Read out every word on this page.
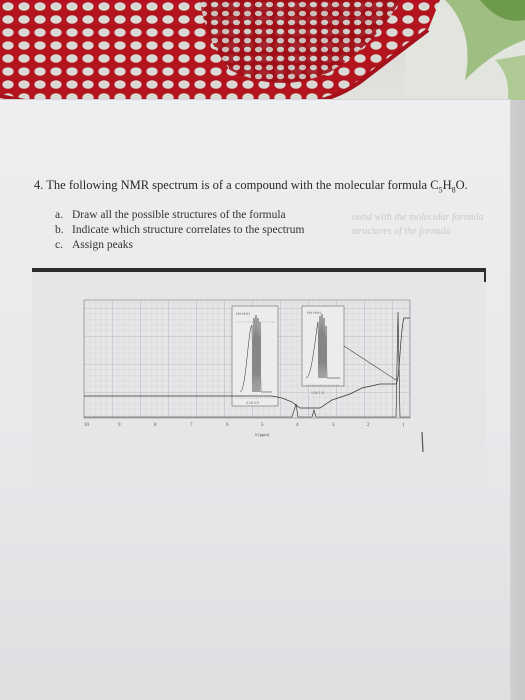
ound with the molecular formula
structures of the formula
4. The following NMR spectrum is of a compound with the molecular formula $C_5H_8O$.
a. Draw all the possible structures of the formula
b. Indicate which structure correlates to the spectrum
c. Assign peaks
HH HHH
4.18 4.0
HH HHH
1.50 1.8
10	9	8	7	6	5	4	3	2	1
δ (ppm)
